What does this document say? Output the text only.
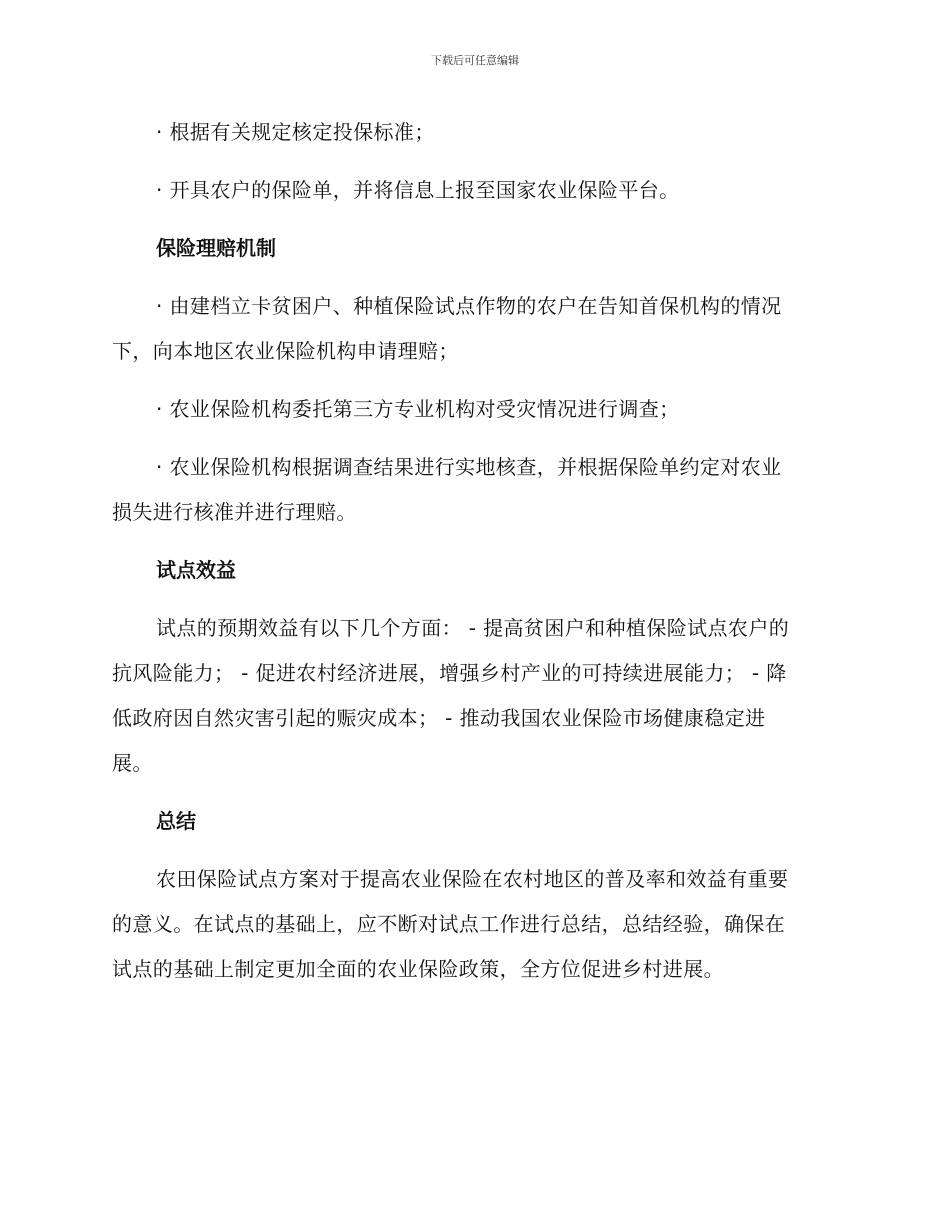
下载后可任意编辑
· 根据有关规定核定投保标准；
· 开具农户的保险单，并将信息上报至国家农业保险平台。
保险理赔机制
· 由建档立卡贫困户、种植保险试点作物的农户在告知首保机构的情况
下，向本地区农业保险机构申请理赔；
· 农业保险机构委托第三方专业机构对受灾情况进行调查；
· 农业保险机构根据调查结果进行实地核查，并根据保险单约定对农业
损失进行核准并进行理赔。
试点效益
试点的预期效益有以下几个方面： - 提高贫困户和种植保险试点农户的
抗风险能力； - 促进农村经济进展，增强乡村产业的可持续进展能力； - 降
低政府因自然灾害引起的赈灾成本； - 推动我国农业保险市场健康稳定进
展。
总结
农田保险试点方案对于提高农业保险在农村地区的普及率和效益有重要
的意义。在试点的基础上，应不断对试点工作进行总结，总结经验，确保在
试点的基础上制定更加全面的农业保险政策，全方位促进乡村进展。
